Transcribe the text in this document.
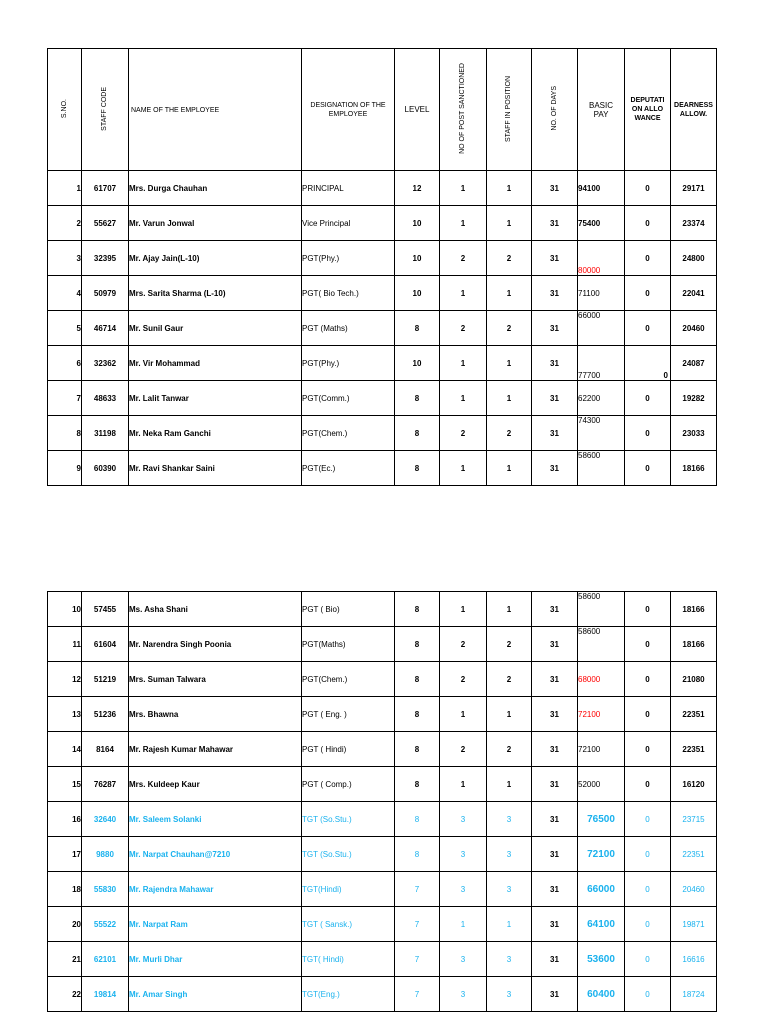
S.NO.	STAFF CODE	NAME OF THE EMPLOYEE	DESIGNATION OF THE EMPLOYEE	LEVEL	NO OF POST SANCTIONED	STAFF IN POSITION	NO. OF DAYS	BASIC PAY	DEPUTATION ALLOWANCE	DEARNESS ALLOW.

1	61707	Mrs. Durga Chauhan	PRINCIPAL	12	1	1	31	94100	0	29171
2	55627	Mr. Varun Jonwal	Vice Principal	10	1	1	31	75400	0	23374
3	32395	Mr. Ajay Jain(L-10)	PGT(Phy.)	10	2	2	31	80000	0	24800
4	50979	Mrs. Sarita Sharma (L-10)	PGT( Bio Tech.)	10	1	1	31	71100	0	22041
5	46714	Mr. Sunil Gaur	PGT (Maths)	8	2	2	31	66000	0	20460
6	32362	Mr. Vir Mohammad	PGT(Phy.)	10	1	1	31	77700	0	24087
7	48633	Mr. Lalit Tanwar	PGT(Comm.)	8	1	1	31	62200	0	19282
8	31198	Mr. Neka Ram Ganchi	PGT(Chem.)	8	2	2	31	74300	0	23033
9	60390	Mr. Ravi Shankar Saini	PGT(Ec.)	8	1	1	31	58600	0	18166
10	57455	Ms. Asha Shani	PGT ( Bio)	8	1	1	31	58600	0	18166
11	61604	Mr. Narendra Singh Poonia	PGT(Maths)	8	2	2	31	58600	0	18166
12	51219	Mrs. Suman Talwara	PGT(Chem.)	8	2	2	31	68000	0	21080
13	51236	Mrs. Bhawna	PGT ( Eng. )	8	1	1	31	72100	0	22351
14	8164	Mr. Rajesh Kumar Mahawar	PGT ( Hindi)	8	2	2	31	72100	0	22351
15	76287	Mrs. Kuldeep Kaur	PGT ( Comp.)	8	1	1	31	52000	0	16120
16	32640	Mr. Saleem Solanki	TGT (So.Stu.)	8	3	3	31	76500	0	23715
17	9880	Mr. Narpat Chauhan@7210	TGT (So.Stu.)	8	3	3	31	72100	0	22351
18	55830	Mr. Rajendra Mahawar	TGT(Hindi)	7	3	3	31	66000	0	20460
20	55522	Mr. Narpat Ram	TGT ( Sansk.)	7	1	1	31	64100	0	19871
21	62101	Mr. Murli Dhar	TGT( Hindi)	7	3	3	31	53600	0	16616
22	19814	Mr. Amar Singh	TGT(Eng.)	7	3	3	31	60400	0	18724
